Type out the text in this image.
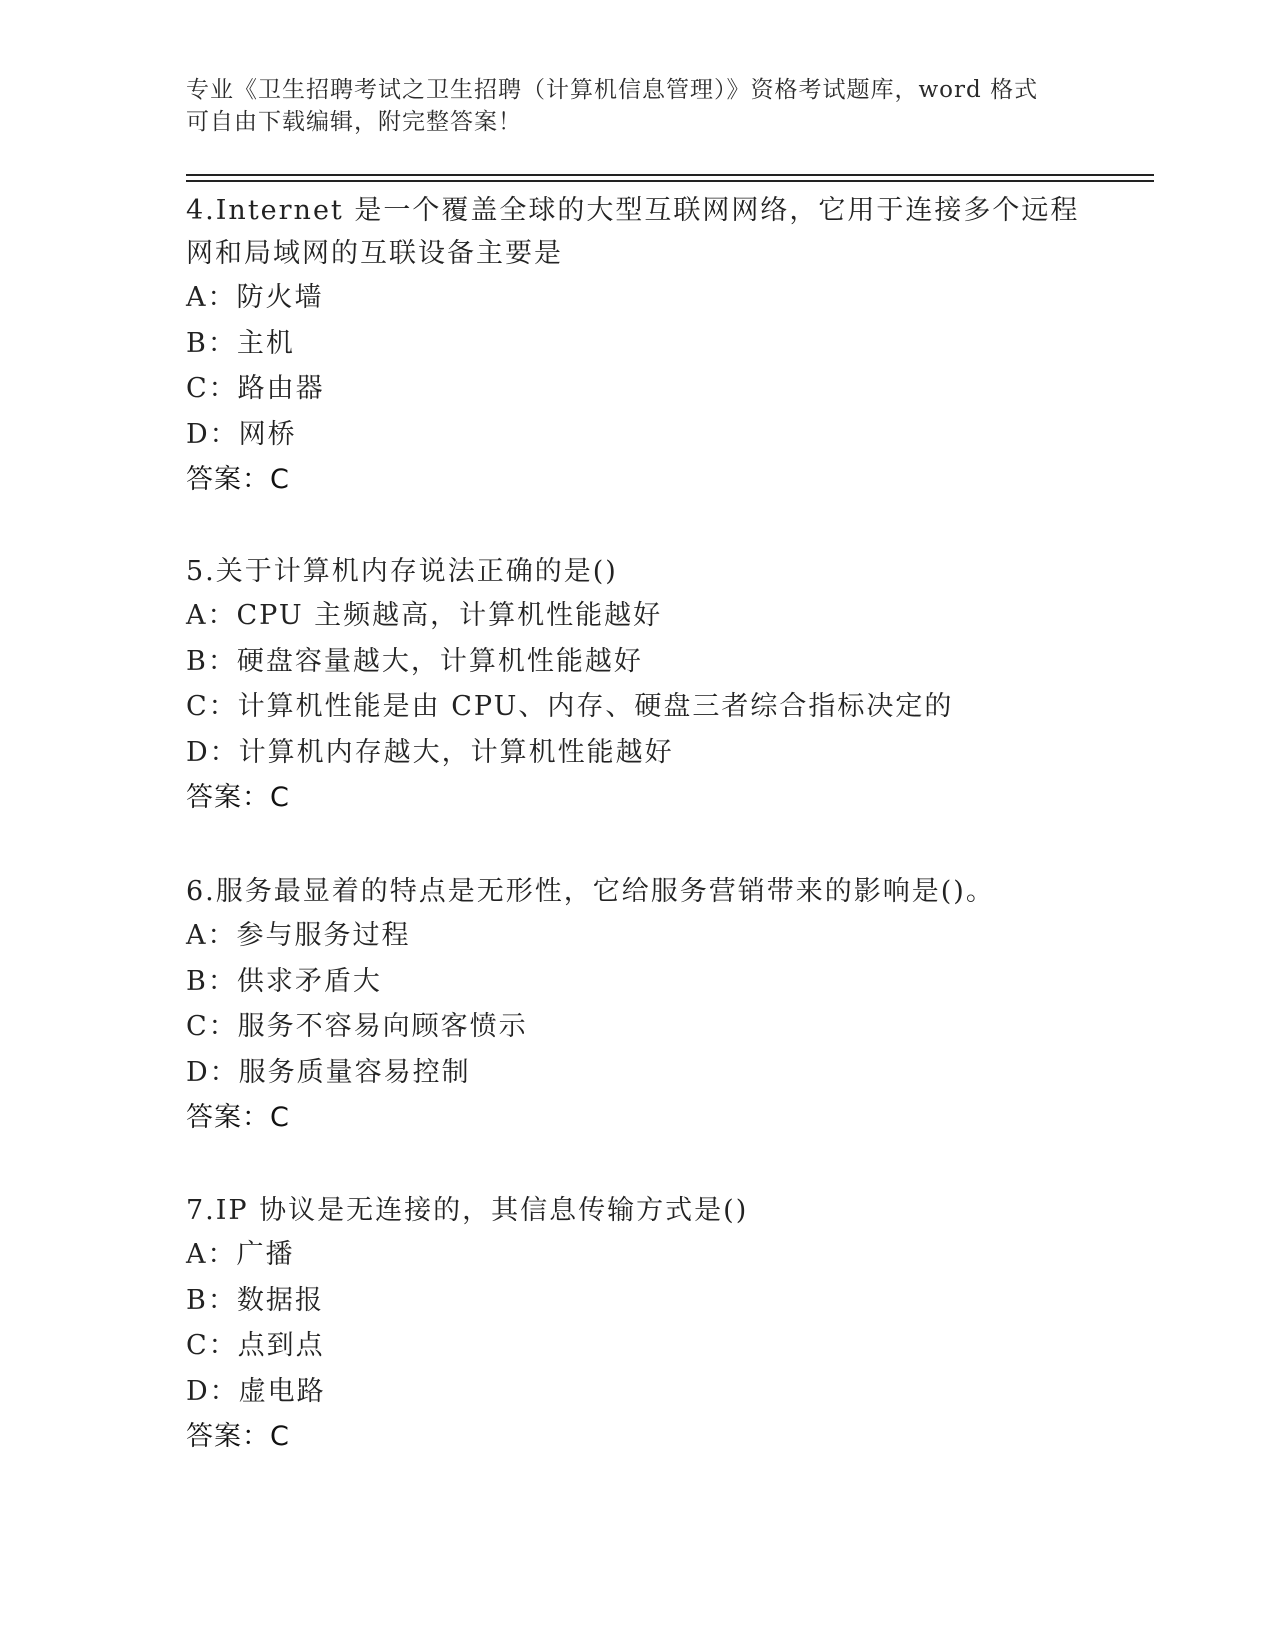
专业《卫生招聘考试之卫生招聘（计算机信息管理）》资格考试题库，word 格式
可自由下载编辑，附完整答案！
4.Internet 是一个覆盖全球的大型互联网网络，它用于连接多个远程
网和局域网的互联设备主要是
A：防火墙
B：主机
C：路由器
D：网桥
答案：C
5.关于计算机内存说法正确的是()
A：CPU 主频越高，计算机性能越好
B：硬盘容量越大，计算机性能越好
C：计算机性能是由 CPU、内存、硬盘三者综合指标决定的
D：计算机内存越大，计算机性能越好
答案：C
6.服务最显着的特点是无形性，它给服务营销带来的影响是()。
A：参与服务过程
B：供求矛盾大
C：服务不容易向顾客愤示
D：服务质量容易控制
答案：C
7.IP 协议是无连接的，其信息传输方式是()
A：广播
B：数据报
C：点到点
D：虚电路
答案：C
